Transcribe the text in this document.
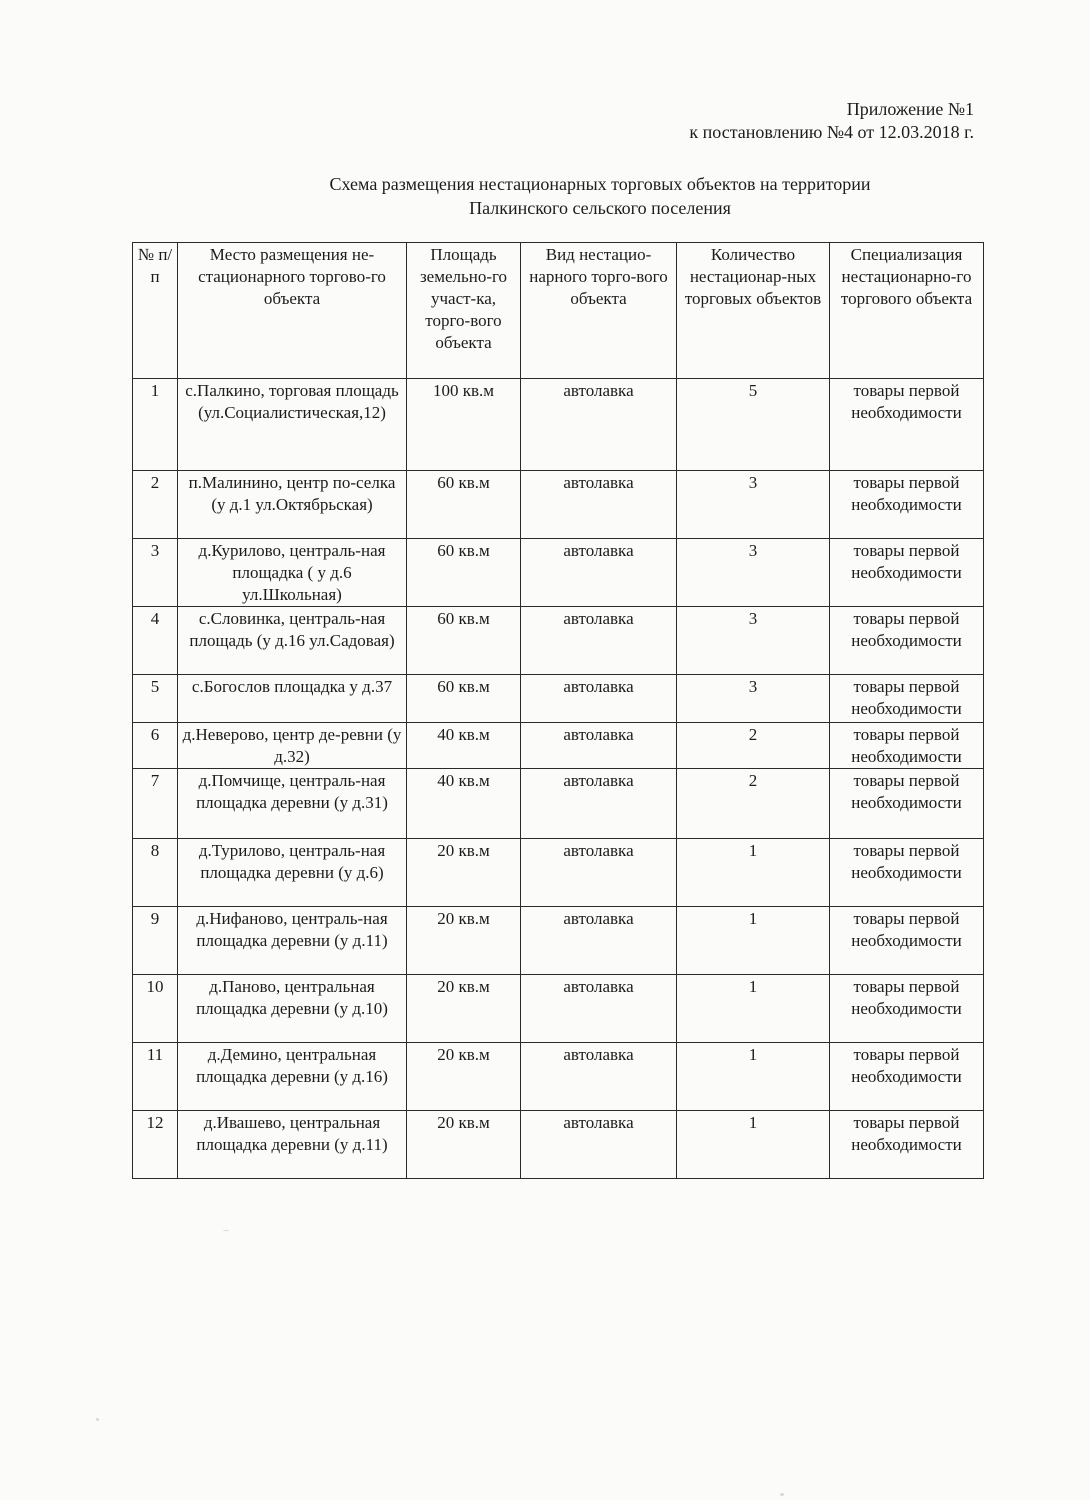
Приложение №1
к постановлению №4 от 12.03.2018 г.
Схема размещения нестационарных торговых объектов на территории
Палкинского сельского поселения
№ п/ п	Место размещения не-стационарного торгово-го объекта	Площадь земельно-го участ-ка, торго-вого объекта	Вид нестацио-нарного торго-вого объекта	Количество нестационар-ных торговых объектов	Специализация нестационарно-го торгового объекта
1	с.Палкино, торговая площадь (ул.Социалистическая,12)	100 кв.м	автолавка	5	товары первой необходимости
2	п.Малинино, центр по-селка (у д.1 ул.Октябрьская)	60 кв.м	автолавка	3	товары первой необходимости
3	д.Курилово, централь-ная площадка ( у д.6 ул.Школьная)	60 кв.м	автолавка	3	товары первой необходимости
4	с.Словинка, централь-ная площадь (у д.16 ул.Садовая)	60 кв.м	автолавка	3	товары первой необходимости
5	с.Богослов площадка у д.37	60 кв.м	автолавка	3	товары первой необходимости
6	д.Неверово, центр де-ревни (у д.32)	40 кв.м	автолавка	2	товары первой необходимости
7	д.Помчище, централь-ная площадка деревни (у д.31)	40 кв.м	автолавка	2	товары первой необходимости
8	д.Турилово, централь-ная площадка деревни (у д.6)	20 кв.м	автолавка	1	товары первой необходимости
9	д.Нифаново, централь-ная площадка деревни (у д.11)	20 кв.м	автолавка	1	товары первой необходимости
10	д.Паново, центральная площадка деревни (у д.10)	20 кв.м	автолавка	1	товары первой необходимости
11	д.Демино, центральная площадка деревни (у д.16)	20 кв.м	автолавка	1	товары первой необходимости
12	д.Ивашево, центральная площадка деревни (у д.11)	20 кв.м	автолавка	1	товары первой необходимости
